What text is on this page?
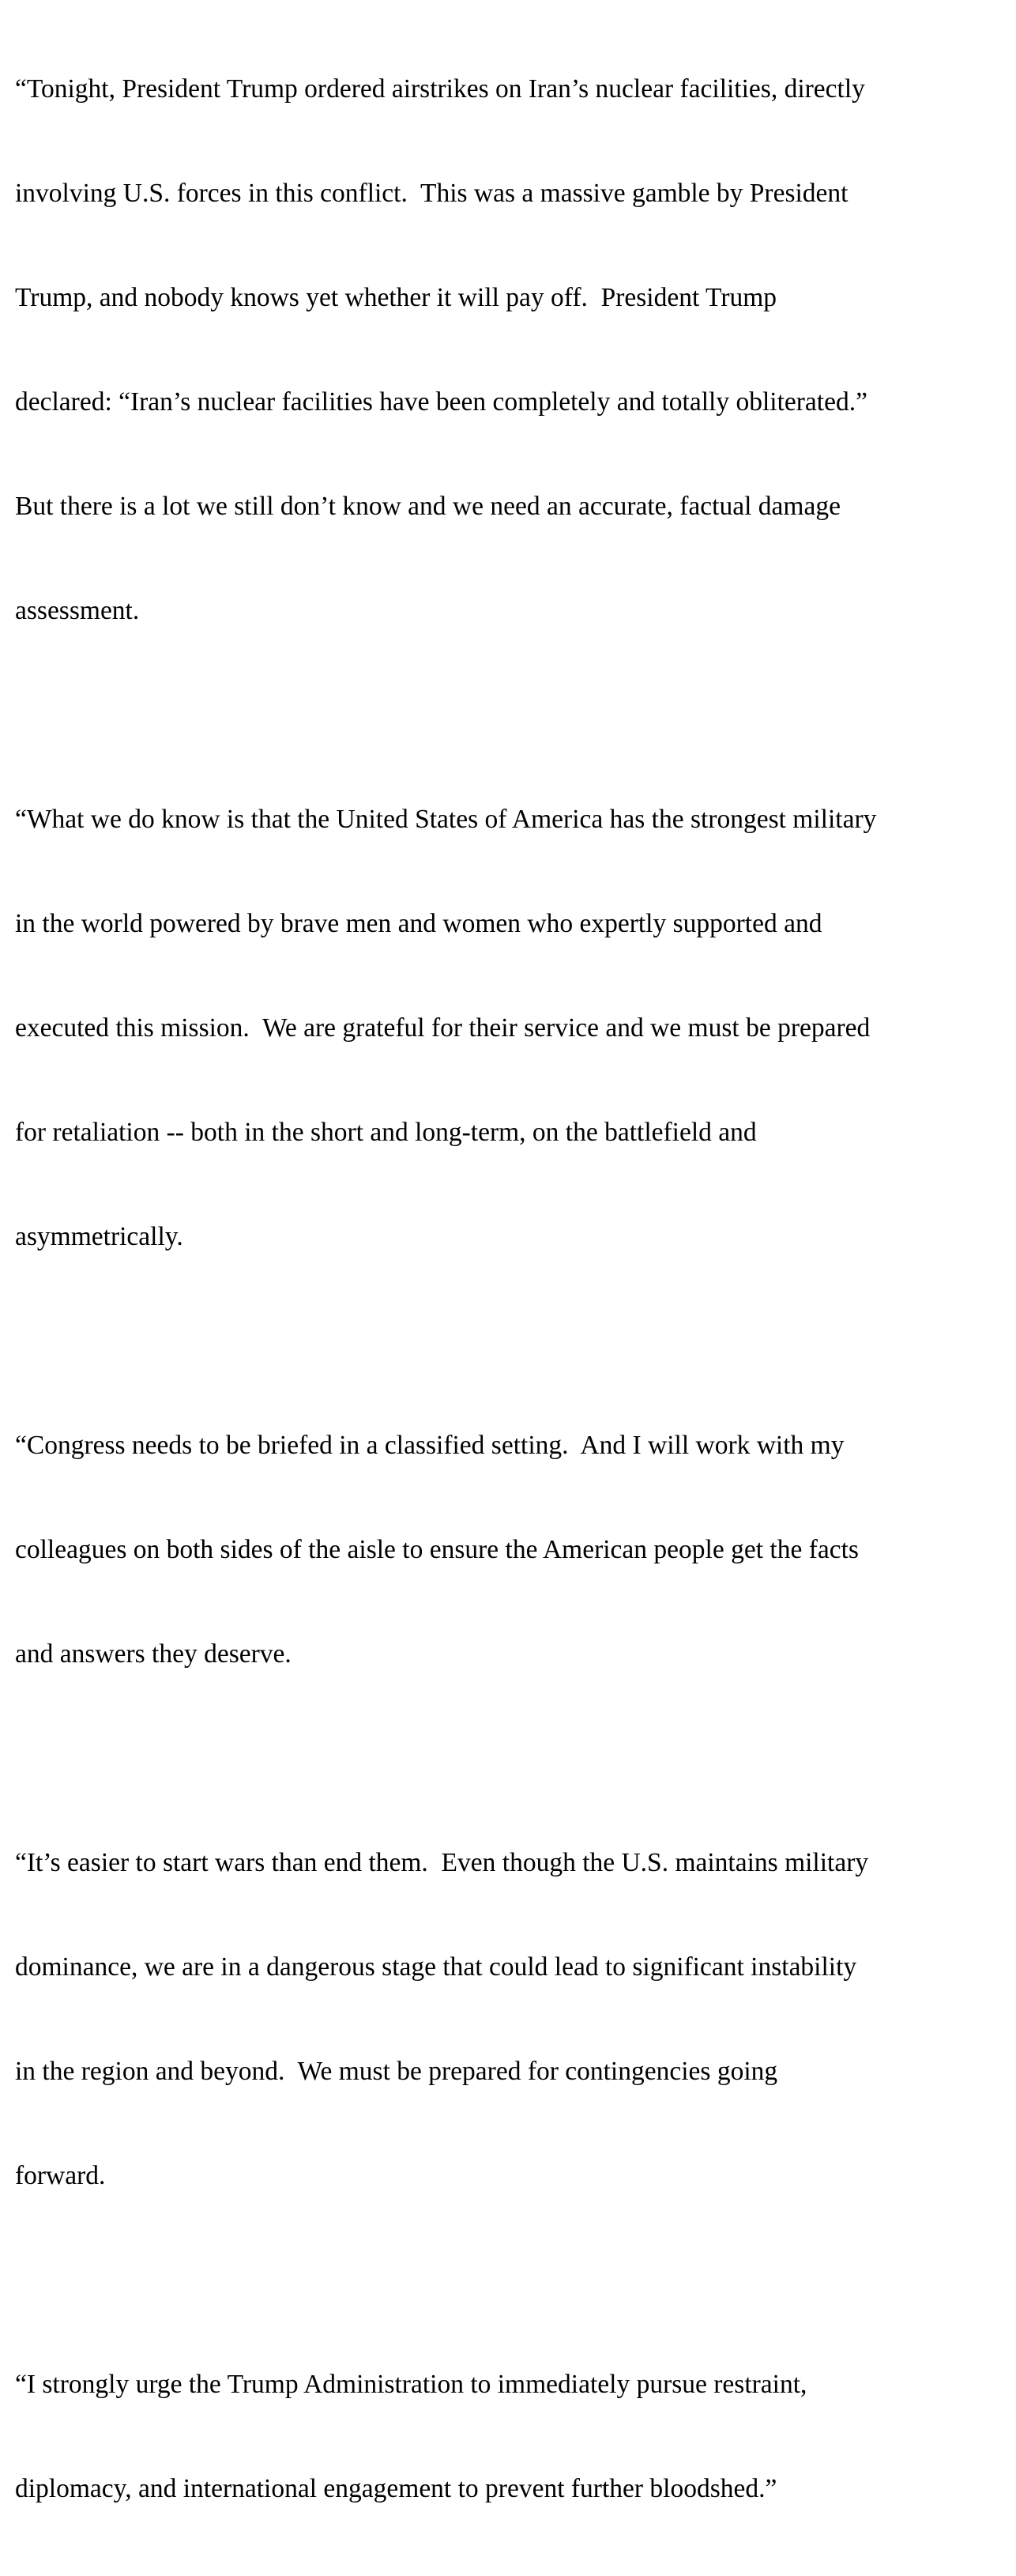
“Tonight, President Trump ordered airstrikes on Iran’s nuclear facilities, directly

involving U.S. forces in this conflict.  This was a massive gamble by President

Trump, and nobody knows yet whether it will pay off.  President Trump

declared: “Iran’s nuclear facilities have been completely and totally obliterated.”

But there is a lot we still don’t know and we need an accurate, factual damage

assessment.

“What we do know is that the United States of America has the strongest military

in the world powered by brave men and women who expertly supported and

executed this mission.  We are grateful for their service and we must be prepared

for retaliation -- both in the short and long-term, on the battlefield and

asymmetrically.

“Congress needs to be briefed in a classified setting.  And I will work with my

colleagues on both sides of the aisle to ensure the American people get the facts

and answers they deserve.

“It’s easier to start wars than end them.  Even though the U.S. maintains military

dominance, we are in a dangerous stage that could lead to significant instability

in the region and beyond.  We must be prepared for contingencies going

forward.

“I strongly urge the Trump Administration to immediately pursue restraint,

diplomacy, and international engagement to prevent further bloodshed.”
